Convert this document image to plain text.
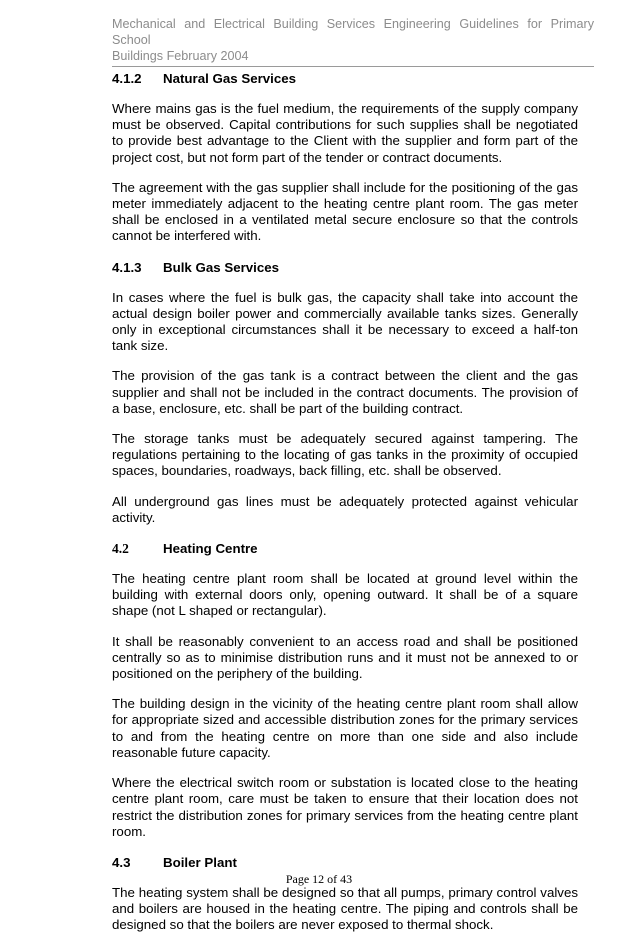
Mechanical and Electrical Building Services Engineering Guidelines for Primary School

Buildings February 2004

4.1.2	Natural Gas Services

Where mains gas is the fuel medium, the requirements of the supply company must be observed. Capital contributions for such supplies shall be negotiated to provide best advantage to the Client with the supplier and form part of the project cost, but not form part of the tender or contract documents.

The agreement with the gas supplier shall include for the positioning of the gas meter immediately adjacent to the heating centre plant room. The gas meter shall be enclosed in a ventilated metal secure enclosure so that the controls cannot be interfered with.

4.1.3	Bulk Gas Services

In cases where the fuel is bulk gas, the capacity shall take into account the actual design boiler power and commercially available tanks sizes. Generally only in exceptional circumstances shall it be necessary to exceed a half-ton tank size.

The provision of the gas tank is a contract between the client and the gas supplier and shall not be included in the contract documents. The provision of a base, enclosure, etc. shall be part of the building contract.

The storage tanks must be adequately secured against tampering. The regulations pertaining to the locating of gas tanks in the proximity of occupied spaces, boundaries, roadways, back filling, etc. shall be observed.

All underground gas lines must be adequately protected against vehicular activity.

4.2	Heating Centre

The heating centre plant room shall be located at ground level within the building with external doors only, opening outward. It shall be of a square shape (not L shaped or rectangular).

It shall be reasonably convenient to an access road and shall be positioned centrally so as to minimise distribution runs and it must not be annexed to or positioned on the periphery of the building.

The building design in the vicinity of the heating centre plant room shall allow for appropriate sized and accessible distribution zones for the primary services to and from the heating centre on more than one side and also include reasonable future capacity.

Where the electrical switch room or substation is located close to the heating centre plant room, care must be taken to ensure that their location does not restrict the distribution zones for primary services from the heating centre plant room.

4.3	Boiler Plant

The heating system shall be designed so that all pumps, primary control valves and boilers are housed in the heating centre. The piping and controls shall be designed so that the boilers are never exposed to thermal shock.

Page 12 of 43
